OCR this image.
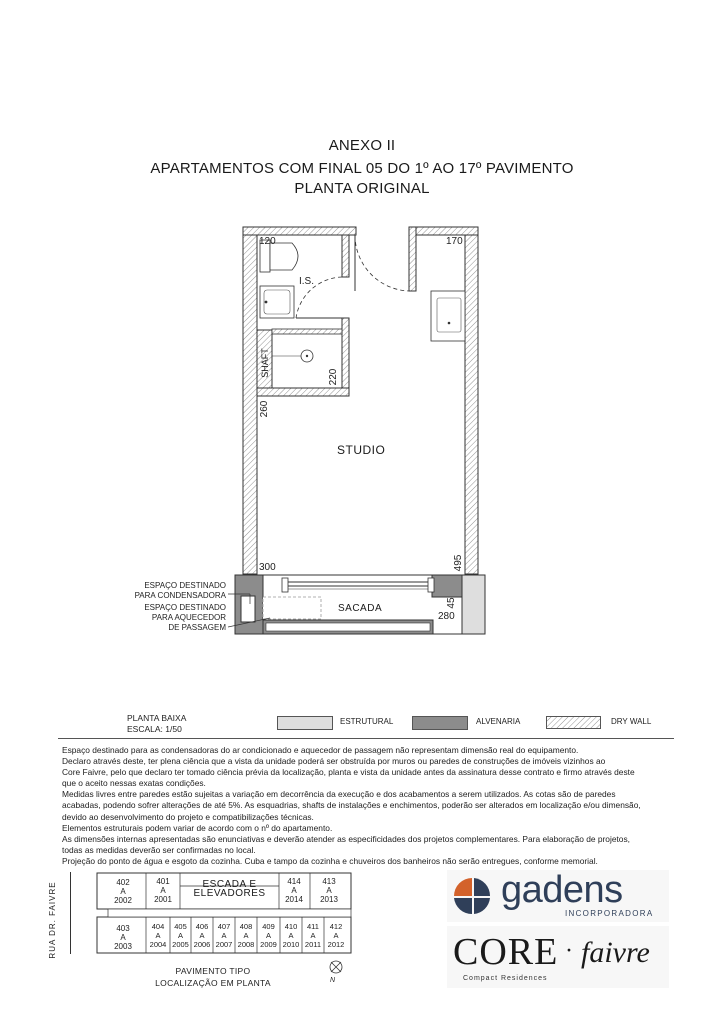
ANEXO II
APARTAMENTOS COM FINAL 05 DO 1º AO 17º PAVIMENTO
PLANTA ORIGINAL
I.S.
SHAFT
STUDIO
SACADA
120	170
220
260
300	495
45
280
ESPAÇO DESTINADO
PARA CONDENSADORA
ESPAÇO DESTINADO
PARA AQUECEDOR
DE PASSAGEM
PLANTA BAIXA
ESCALA: 1/50
ESTRUTURAL	ALVENARIA	DRY WALL
Espaço destinado para as condensadoras do ar condicionado e aquecedor de passagem não representam dimensão real do equipamento.
Declaro através deste, ter plena ciência que a vista da unidade poderá ser obstruída por muros ou paredes de construções de imóveis vizinhos ao
Core Faivre, pelo que declaro ter tomado ciência prévia da localização, planta e vista da unidade antes da assinatura desse contrato e firmo através deste
que o aceito nessas exatas condições.
Medidas livres entre paredes estão sujeitas a variação em decorrência da execução e dos acabamentos a serem utilizados. As cotas são de paredes
acabadas, podendo sofrer alterações de até 5%. As esquadrias, shafts de instalações e enchimentos, poderão ser alterados em localização e/ou dimensão,
devido ao desenvolvimento do projeto e compatibilizações técnicas.
Elementos estruturais podem variar de acordo com o nº do apartamento.
As dimensões internas apresentadas são enunciativas e deverão atender as especificidades dos projetos complementares. Para elaboração de projetos,
todas as medidas deverão ser confirmadas no local.
Projeção do ponto de água e esgoto da cozinha. Cuba e tampo da cozinha e chuveiros dos banheiros não serão entregues, conforme memorial.
RUA DR. FAIVRE	ESCADA E
ELEVADORES
402
A
2002
401
A
2001
414
A
2014
413
A
2013
403
A
2003
404
A
2004
405
A
2005
406
A
2006
407
A
2007
408
A
2008
409
A
2009
410
A
2010
411
A
2011
412
A
2012
PAVIMENTO TIPO
LOCALIZAÇÃO EM PLANTA	N
gadens
INCORPORADORA
CORE · faivre
Compact Residences
